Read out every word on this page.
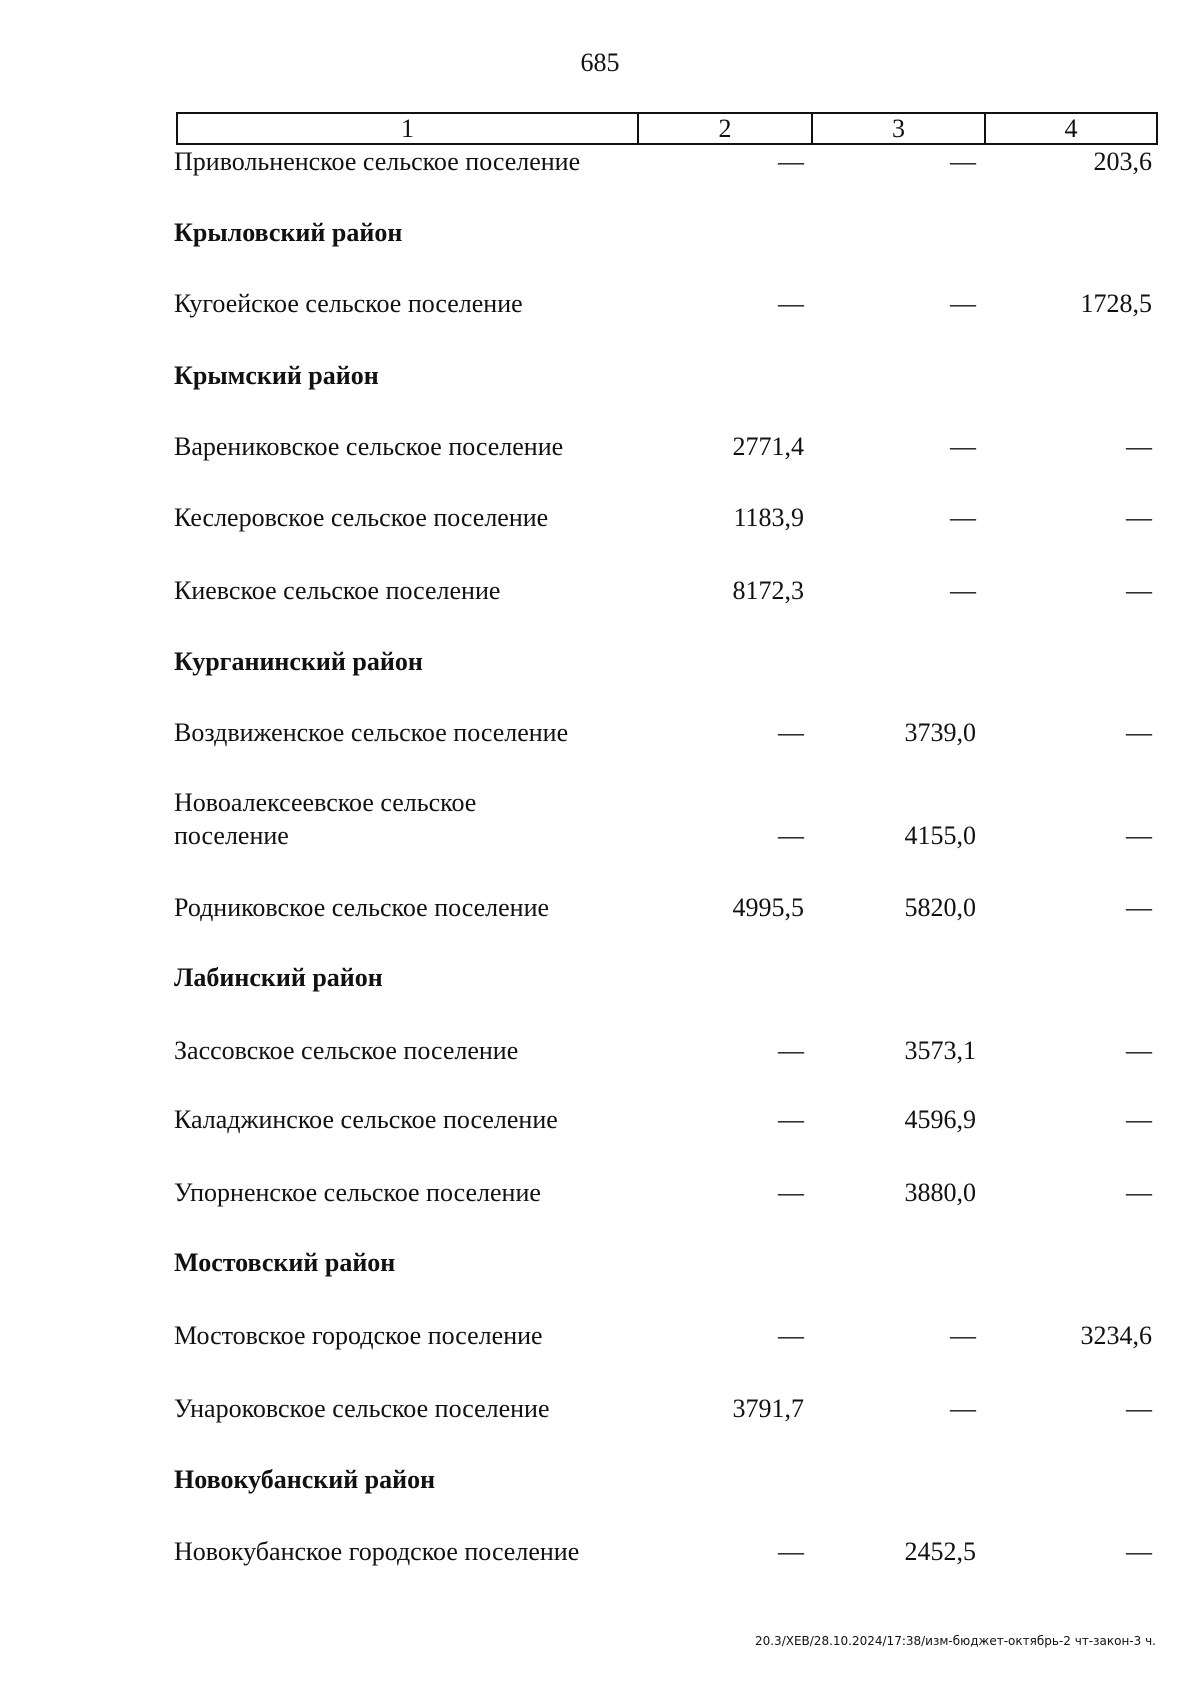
685
1	2	3	4
Привольненское сельское поселение	—	—	203,6
Крыловский район
Кугоейское сельское поселение	—	—	1728,5
Крымский район
Варениковское сельское поселение	2771,4	—	—
Кеслеровское сельское поселение	1183,9	—	—
Киевское сельское поселение	8172,3	—	—
Курганинский район
Воздвиженское сельское поселение	—	3739,0	—
Новоалексеевское сельское
поселение	—	4155,0	—
Родниковское сельское поселение	4995,5	5820,0	—
Лабинский район
Зассовское сельское поселение	—	3573,1	—
Каладжинское сельское поселение	—	4596,9	—
Упорненское сельское поселение	—	3880,0	—
Мостовский район
Мостовское городское поселение	—	—	3234,6
Унароковское сельское поселение	3791,7	—	—
Новокубанский район
Новокубанское городское поселение	—	2452,5	—
20.3/ХЕВ/28.10.2024/17:38/изм-бюджет-октябрь-2 чт-закон-3 ч.
